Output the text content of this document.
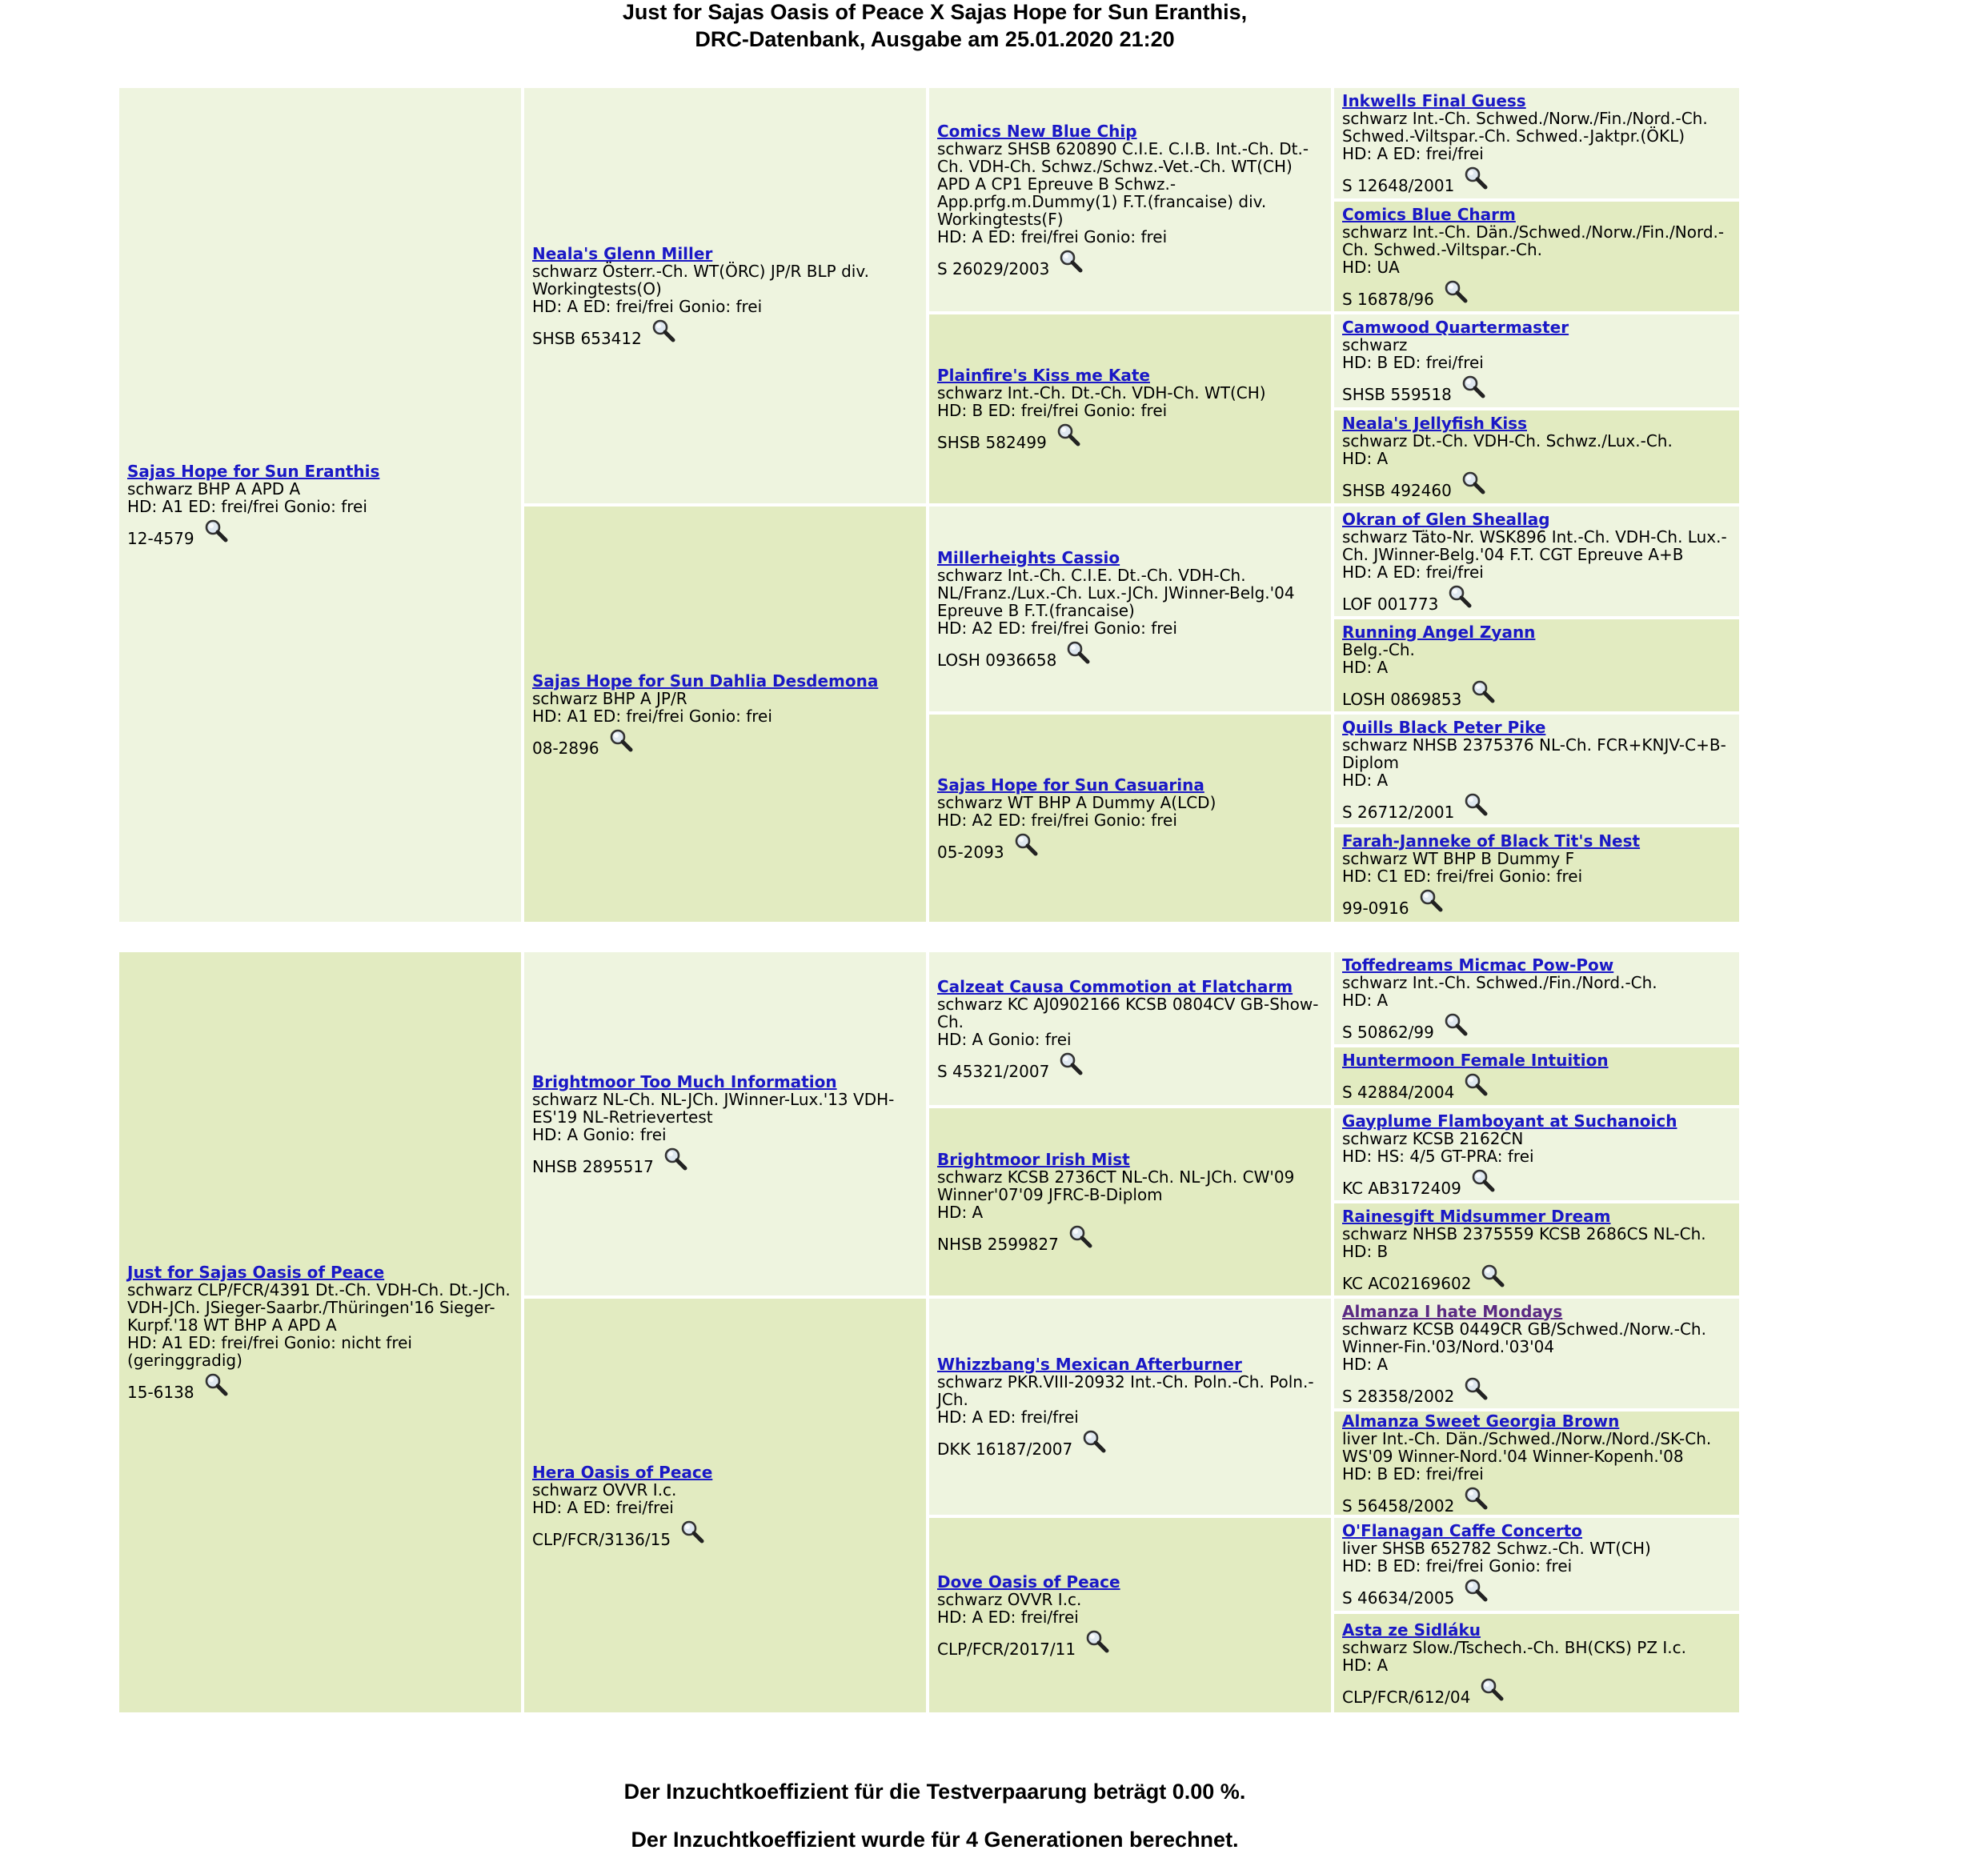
Just for Sajas Oasis of Peace X Sajas Hope for Sun Eranthis,
DRC-Datenbank, Ausgabe am 25.01.2020 21:20
Sajas Hope for Sun Eranthis
schwarz BHP A APD A
HD: A1 ED: frei/frei Gonio: frei
12-4579
Neala's Glenn Miller
schwarz Österr.-Ch. WT(ÖRC) JP/R BLP div. Workingtests(O)
HD: A ED: frei/frei Gonio: frei
SHSB 653412
Sajas Hope for Sun Dahlia Desdemona
schwarz BHP A JP/R
HD: A1 ED: frei/frei Gonio: frei
08-2896
Comics New Blue Chip
schwarz SHSB 620890 C.I.E. C.I.B. Int.-Ch. Dt.-Ch. VDH-Ch. Schwz./Schwz.-Vet.-Ch. WT(CH) APD A CP1 Epreuve B Schwz.-App.prfg.m.Dummy(1) F.T.(francaise) div. Workingtests(F)
HD: A ED: frei/frei Gonio: frei
S 26029/2003
Plainfire's Kiss me Kate
schwarz Int.-Ch. Dt.-Ch. VDH-Ch. WT(CH)
HD: B ED: frei/frei Gonio: frei
SHSB 582499
Millerheights Cassio
schwarz Int.-Ch. C.I.E. Dt.-Ch. VDH-Ch. NL/Franz./Lux.-Ch. Lux.-JCh. JWinner-Belg.'04 Epreuve B F.T.(francaise)
HD: A2 ED: frei/frei Gonio: frei
LOSH 0936658
Sajas Hope for Sun Casuarina
schwarz WT BHP A Dummy A(LCD)
HD: A2 ED: frei/frei Gonio: frei
05-2093
Inkwells Final Guess
schwarz Int.-Ch. Schwed./Norw./Fin./Nord.-Ch. Schwed.-Viltspar.-Ch. Schwed.-Jaktpr.(ÖKL)
HD: A ED: frei/frei
S 12648/2001
Comics Blue Charm
schwarz Int.-Ch. Dän./Schwed./Norw./Fin./Nord.-Ch. Schwed.-Viltspar.-Ch.
HD: UA
S 16878/96
Camwood Quartermaster
schwarz
HD: B ED: frei/frei
SHSB 559518
Neala's Jellyfish Kiss
schwarz Dt.-Ch. VDH-Ch. Schwz./Lux.-Ch.
HD: A
SHSB 492460
Okran of Glen Sheallag
schwarz Täto-Nr. WSK896 Int.-Ch. VDH-Ch. Lux.-Ch. JWinner-Belg.'04 F.T. CGT Epreuve A+B
HD: A ED: frei/frei
LOF 001773
Running Angel Zyann
Belg.-Ch.
HD: A
LOSH 0869853
Quills Black Peter Pike
schwarz NHSB 2375376 NL-Ch. FCR+KNJV-C+B-Diplom
HD: A
S 26712/2001
Farah-Janneke of Black Tit's Nest
schwarz WT BHP B Dummy F
HD: C1 ED: frei/frei Gonio: frei
99-0916
Just for Sajas Oasis of Peace
schwarz CLP/FCR/4391 Dt.-Ch. VDH-Ch. Dt.-JCh. VDH-JCh. JSieger-Saarbr./Thüringen'16 Sieger-Kurpf.'18 WT BHP A APD A
HD: A1 ED: frei/frei Gonio: nicht frei (geringgradig)
15-6138
Brightmoor Too Much Information
schwarz NL-Ch. NL-JCh. JWinner-Lux.'13 VDH-ES'19 NL-Retrievertest
HD: A Gonio: frei
NHSB 2895517
Hera Oasis of Peace
schwarz OVVR I.c.
HD: A ED: frei/frei
CLP/FCR/3136/15
Calzeat Causa Commotion at Flatcharm
schwarz KC AJ0902166 KCSB 0804CV GB-Show-Ch.
HD: A Gonio: frei
S 45321/2007
Brightmoor Irish Mist
schwarz KCSB 2736CT NL-Ch. NL-JCh. CW'09 Winner'07'09 JFRC-B-Diplom
HD: A
NHSB 2599827
Whizzbang's Mexican Afterburner
schwarz PKR.VIII-20932 Int.-Ch. Poln.-Ch. Poln.-JCh.
HD: A ED: frei/frei
DKK 16187/2007
Dove Oasis of Peace
schwarz OVVR I.c.
HD: A ED: frei/frei
CLP/FCR/2017/11
Toffedreams Micmac Pow-Pow
schwarz Int.-Ch. Schwed./Fin./Nord.-Ch.
HD: A
S 50862/99
Huntermoon Female Intuition
S 42884/2004
Gayplume Flamboyant at Suchanoich
schwarz KCSB 2162CN
HD: HS: 4/5 GT-PRA: frei
KC AB3172409
Rainesgift Midsummer Dream
schwarz NHSB 2375559 KCSB 2686CS NL-Ch.
HD: B
KC AC02169602
Almanza I hate Mondays
schwarz KCSB 0449CR GB/Schwed./Norw.-Ch. Winner-Fin.'03/Nord.'03'04
HD: A
S 28358/2002
Almanza Sweet Georgia Brown
liver Int.-Ch. Dän./Schwed./Norw./Nord./SK-Ch. WS'09 Winner-Nord.'04 Winner-Kopenh.'08
HD: B ED: frei/frei
S 56458/2002
O'Flanagan Caffe Concerto
liver SHSB 652782 Schwz.-Ch. WT(CH)
HD: B ED: frei/frei Gonio: frei
S 46634/2005
Asta ze Sidláku
schwarz Slow./Tschech.-Ch. BH(CKS) PZ I.c.
HD: A
CLP/FCR/612/04
Der Inzuchtkoeffizient für die Testverpaarung beträgt 0.00 %.
Der Inzuchtkoeffizient wurde für 4 Generationen berechnet.
